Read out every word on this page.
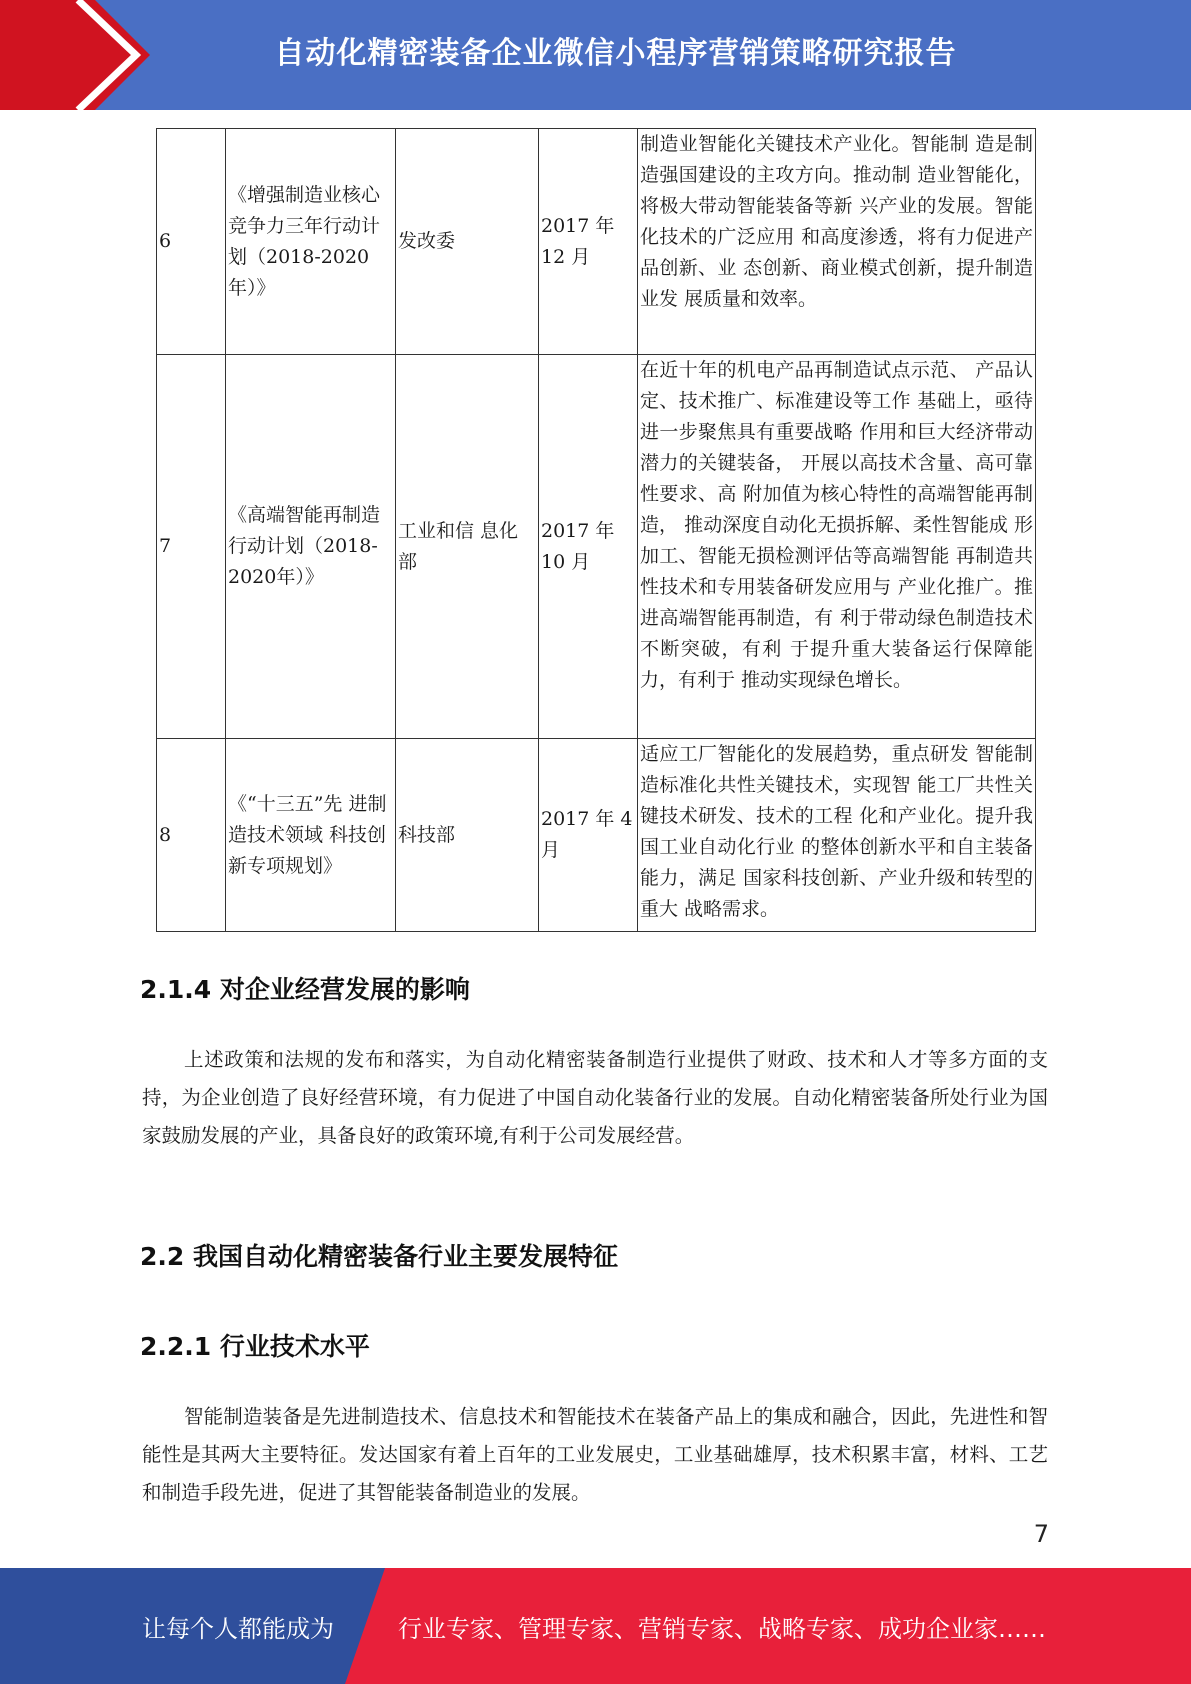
自动化精密装备企业微信小程序营销策略研究报告
6	《增强制造业核心竞争力三年行动计划（2018-2020年）》	发改委	2017 年 12 月	制造业智能化关键技术产业化。智能制 造是制造强国建设的主攻方向。推动制 造业智能化，将极大带动智能装备等新 兴产业的发展。智能化技术的广泛应用 和高度渗透，将有力促进产品创新、业 态创新、商业模式创新，提升制造业发 展质量和效率。
7	《高端智能再制造行动计划（2018-2020年）》	工业和信 息化部	2017 年 10 月	在近十年的机电产品再制造试点示范、 产品认定、技术推广、标准建设等工作 基础上，亟待进一步聚焦具有重要战略 作用和巨大经济带动潜力的关键装备， 开展以高技术含量、高可靠性要求、高 附加值为核心特性的高端智能再制造， 推动深度自动化无损拆解、柔性智能成 形加工、智能无损检测评估等高端智能 再制造共性技术和专用装备研发应用与 产业化推广。推进高端智能再制造，有 利于带动绿色制造技术不断突破，有利 于提升重大装备运行保障能力，有利于 推动实现绿色增长。
8	《“十三五”先 进制造技术领域 科技创新专项规划》	科技部	2017 年 4 月	适应工厂智能化的发展趋势，重点研发 智能制造标准化共性关键技术，实现智 能工厂共性关键技术研发、技术的工程 化和产业化。提升我国工业自动化行业 的整体创新水平和自主装备能力，满足 国家科技创新、产业升级和转型的重大 战略需求。
2.1.4 对企业经营发展的影响

上述政策和法规的发布和落实，为自动化精密装备制造行业提供了财政、技术和人才等多方面的支持，为企业创造了良好经营环境，有力促进了中国自动化装备行业的发展。自动化精密装备所处行业为国家鼓励发展的产业，具备良好的政策环境,有利于公司发展经营。

2.2 我国自动化精密装备行业主要发展特征
2.2.1 行业技术水平

智能制造装备是先进制造技术、信息技术和智能技术在装备产品上的集成和融合，因此，先进性和智能性是其两大主要特征。发达国家有着上百年的工业发展史，工业基础雄厚，技术积累丰富，材料、工艺和制造手段先进，促进了其智能装备制造业的发展。

7
让每个人都能成为	行业专家、管理专家、营销专家、战略专家、成功企业家……
